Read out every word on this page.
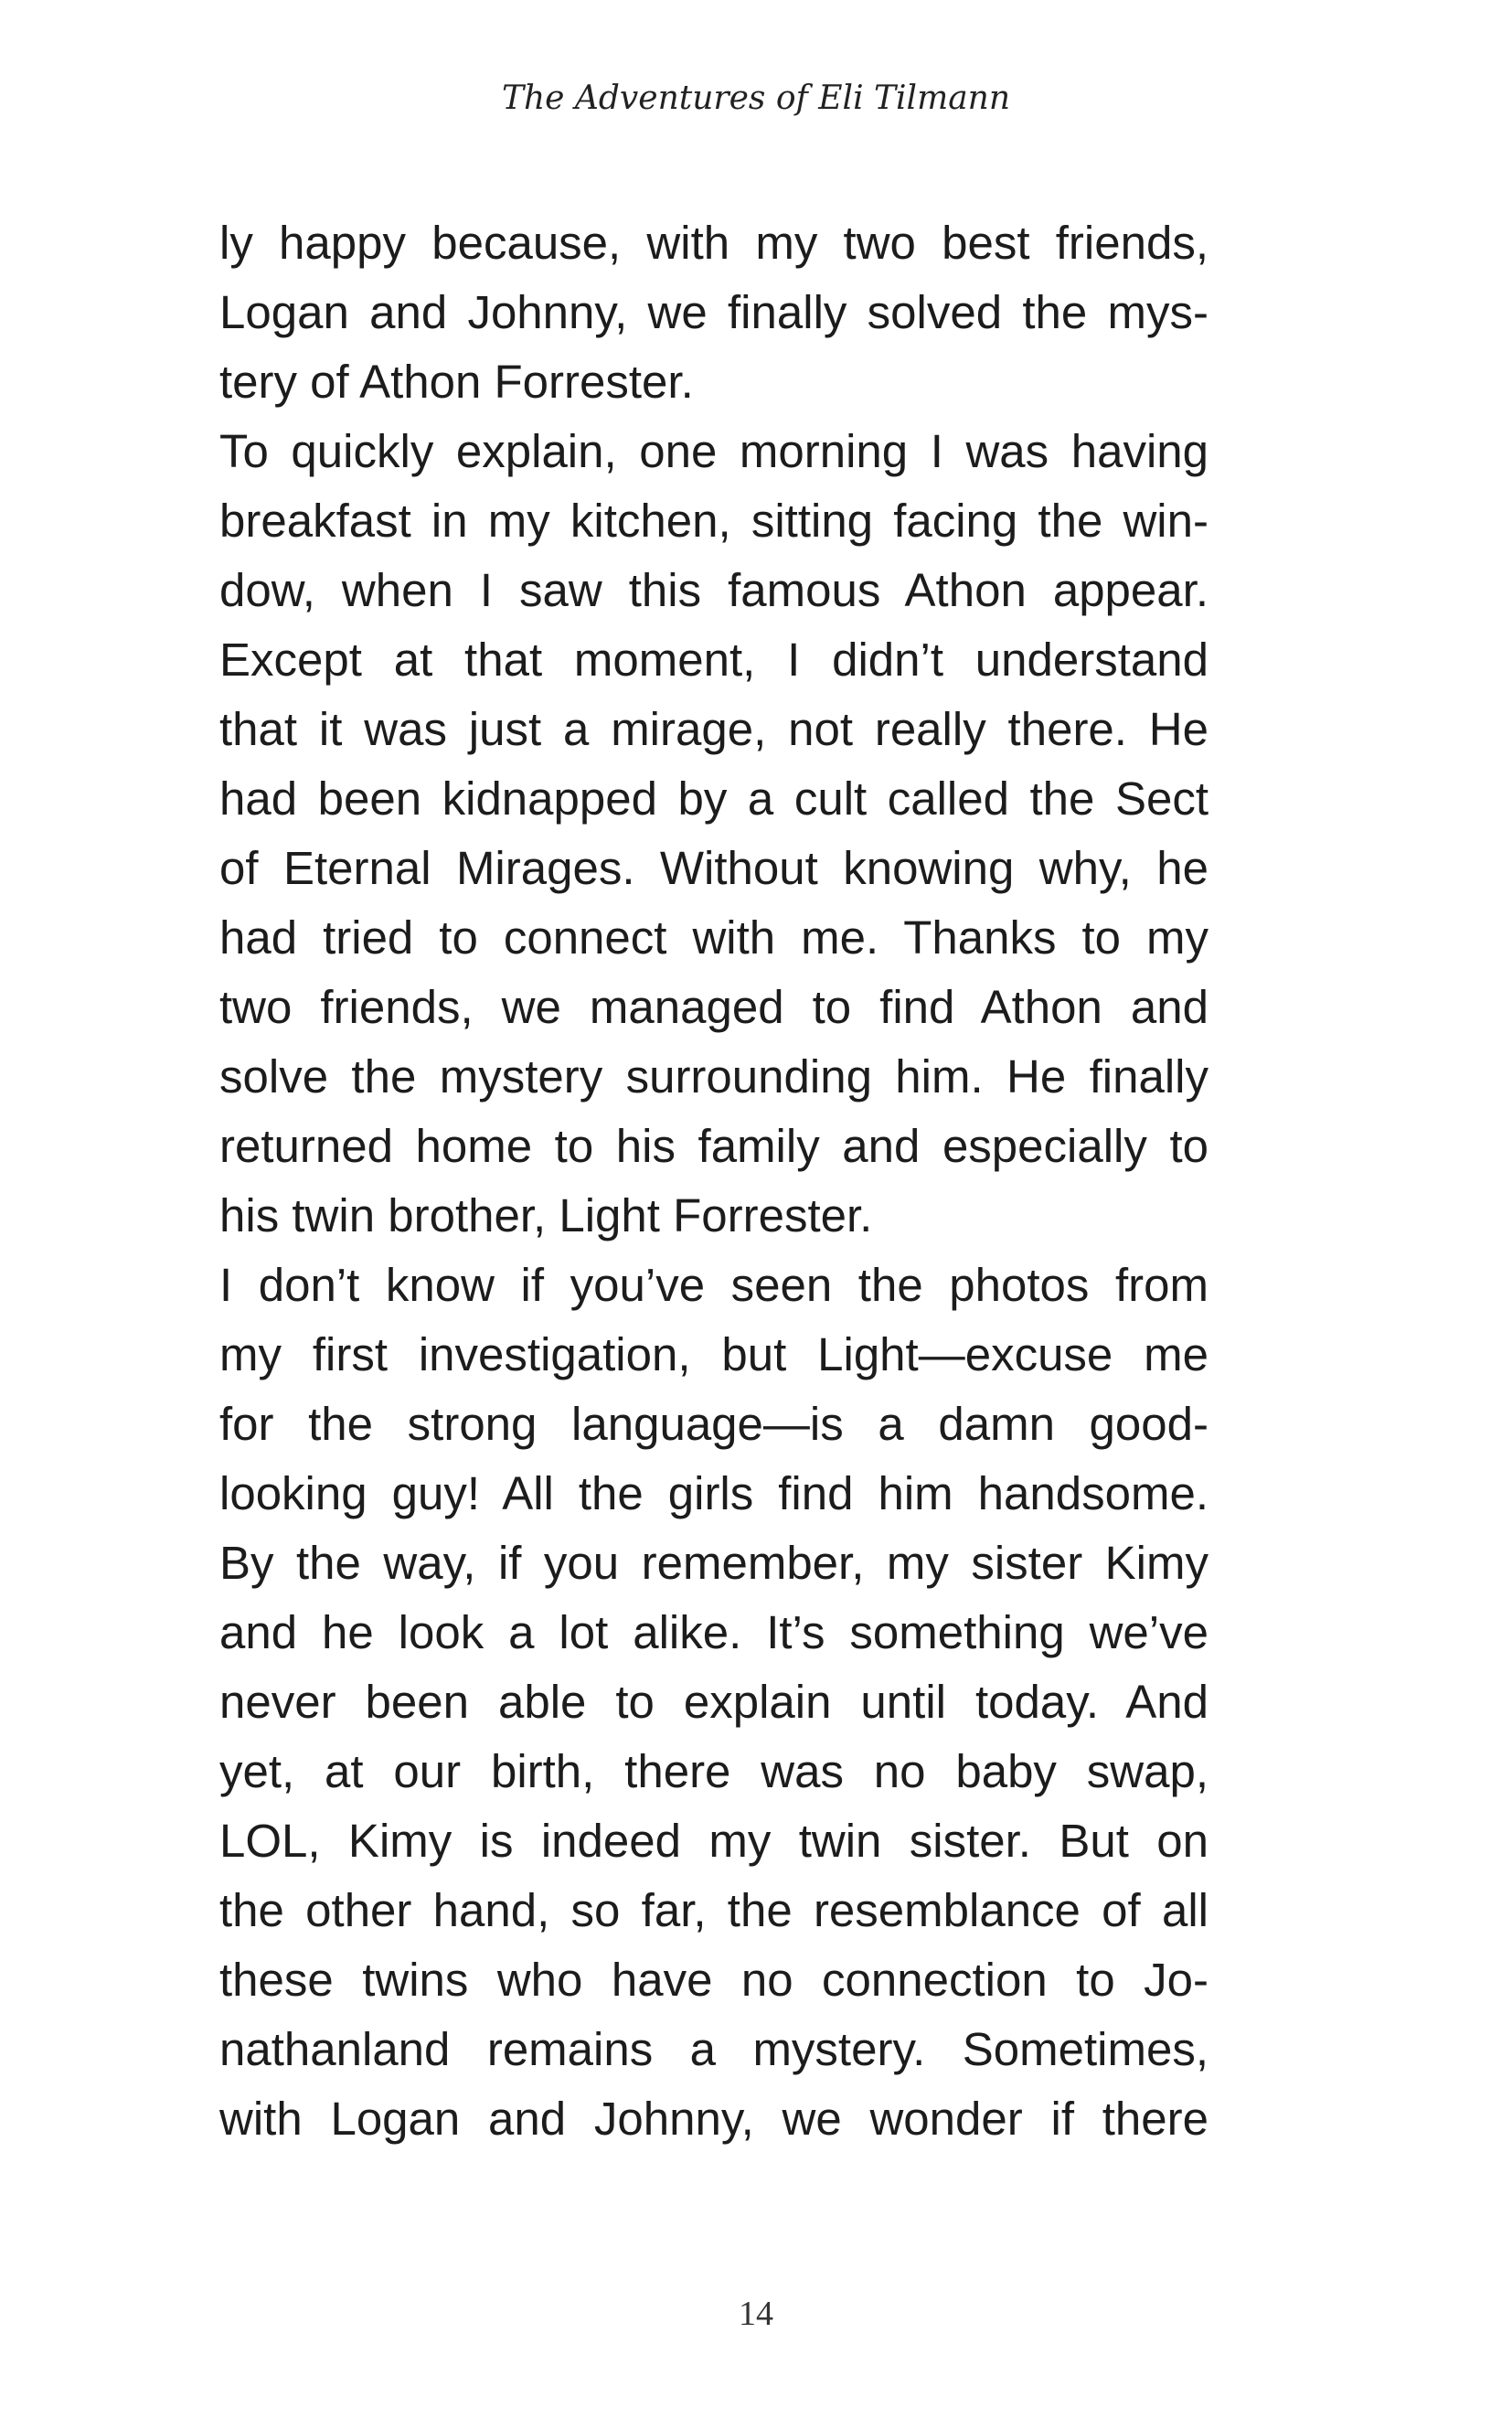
The Adventures of Eli Tilmann
ly happy because, with my two best friends,
Logan and Johnny, we finally solved the mys-
tery of Athon Forrester.
To quickly explain, one morning I was having
breakfast in my kitchen, sitting facing the win-
dow, when I saw this famous Athon appear.
Except at that moment, I didn’t understand
that it was just a mirage, not really there. He
had been kidnapped by a cult called the Sect
of Eternal Mirages. Without knowing why, he
had tried to connect with me. Thanks to my
two friends, we managed to find Athon and
solve the mystery surrounding him. He finally
returned home to his family and especially to
his twin brother, Light Forrester.
I don’t know if you’ve seen the photos from
my first investigation, but Light—excuse me
for the strong language—is a damn good-
looking guy! All the girls find him handsome.
By the way, if you remember, my sister Kimy
and he look a lot alike. It’s something we’ve
never been able to explain until today. And
yet, at our birth, there was no baby swap,
LOL, Kimy is indeed my twin sister. But on
the other hand, so far, the resemblance of all
these twins who have no connection to Jo-
nathanland remains a mystery. Sometimes,
with Logan and Johnny, we wonder if there
14
